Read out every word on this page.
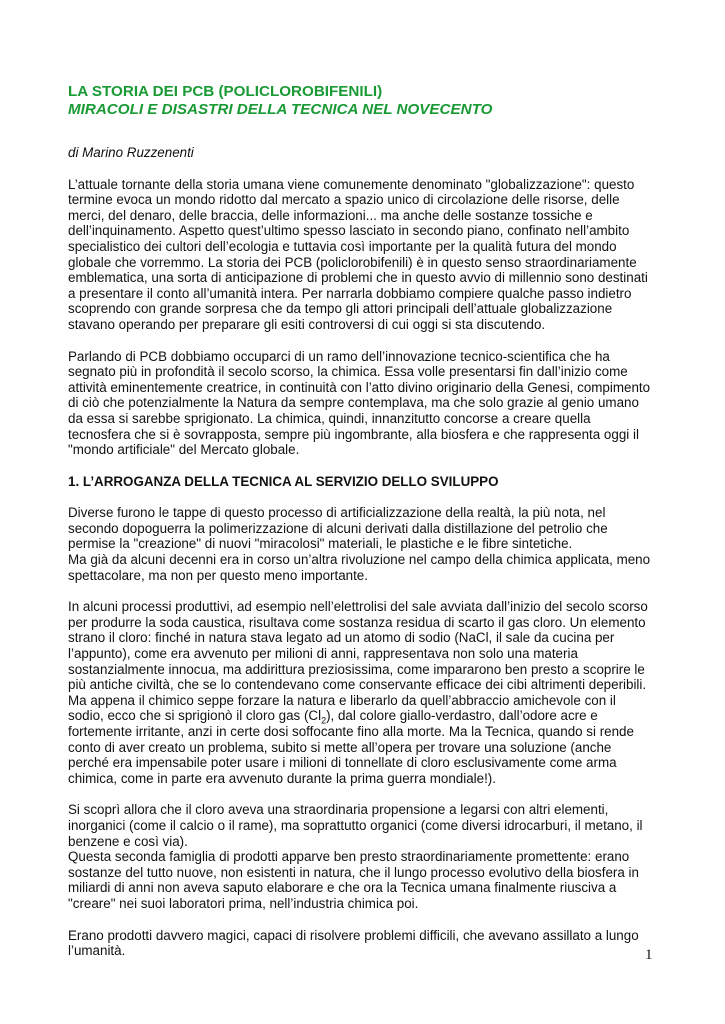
LA STORIA DEI PCB (POLICLOROBIFENILI)

MIRACOLI E DISASTRI DELLA TECNICA NEL NOVECENTO

di Marino Ruzzenenti

L’attuale tornante della storia umana viene comunemente denominato "globalizzazione": questo
termine evoca un mondo ridotto dal mercato a spazio unico di circolazione delle risorse, delle
merci, del denaro, delle braccia, delle informazioni... ma anche delle sostanze tossiche e
dell’inquinamento. Aspetto quest’ultimo spesso lasciato in secondo piano, confinato nell’ambito
specialistico dei cultori dell’ecologia e tuttavia così importante per la qualità futura del mondo
globale che vorremmo. La storia dei PCB (policlorobifenili) è in questo senso straordinariamente
emblematica, una sorta di anticipazione di problemi che in questo avvio di millennio sono destinati
a presentare il conto all’umanità intera. Per narrarla dobbiamo compiere qualche passo indietro
scoprendo con grande sorpresa che da tempo gli attori principali dell’attuale globalizzazione
stavano operando per preparare gli esiti controversi di cui oggi si sta discutendo.
Parlando di PCB dobbiamo occuparci di un ramo dell’innovazione tecnico-scientifica che ha
segnato più in profondità il secolo scorso, la chimica. Essa volle presentarsi fin dall’inizio come
attività eminentemente creatrice, in continuità con l’atto divino originario della Genesi, compimento
di ciò che potenzialmente la Natura da sempre contemplava, ma che solo grazie al genio umano
da essa si sarebbe sprigionato. La chimica, quindi, innanzitutto concorse a creare quella
tecnosfera che si è sovrapposta, sempre più ingombrante, alla biosfera e che rappresenta oggi il
"mondo artificiale" del Mercato globale.

1. L’ARROGANZA DELLA TECNICA AL SERVIZIO DELLO SVILUPPO

Diverse furono le tappe di questo processo di artificializzazione della realtà, la più nota, nel
secondo dopoguerra la polimerizzazione di alcuni derivati dalla distillazione del petrolio che
permise la "creazione" di nuovi "miracolosi" materiali, le plastiche e le fibre sintetiche.
Ma già da alcuni decenni era in corso un’altra rivoluzione nel campo della chimica applicata, meno
spettacolare, ma non per questo meno importante.
In alcuni processi produttivi, ad esempio nell’elettrolisi del sale avviata dall’inizio del secolo scorso
per produrre la soda caustica, risultava come sostanza residua di scarto il gas cloro. Un elemento
strano il cloro: finché in natura stava legato ad un atomo di sodio (NaCl, il sale da cucina per
l’appunto), come era avvenuto per milioni di anni, rappresentava non solo una materia
sostanzialmente innocua, ma addirittura preziosissima, come impararono ben presto a scoprire le
più antiche civiltà, che se lo contendevano come conservante efficace dei cibi altrimenti deperibili.
Ma appena il chimico seppe forzare la natura e liberarlo da quell’abbraccio amichevole con il
sodio, ecco che si sprigionò il cloro gas $(Cl_2)$, dal colore giallo-verdastro, dall’odore acre e
fortemente irritante, anzi in certe dosi soffocante fino alla morte. Ma la Tecnica, quando si rende
conto di aver creato un problema, subito si mette all’opera per trovare una soluzione (anche
perché era impensabile poter usare i milioni di tonnellate di cloro esclusivamente come arma
chimica, come in parte era avvenuto durante la prima guerra mondiale!).
Si scoprì allora che il cloro aveva una straordinaria propensione a legarsi con altri elementi,
inorganici (come il calcio o il rame), ma soprattutto organici (come diversi idrocarburi, il metano, il
benzene e così via).
Questa seconda famiglia di prodotti apparve ben presto straordinariamente promettente: erano
sostanze del tutto nuove, non esistenti in natura, che il lungo processo evolutivo della biosfera in
miliardi di anni non aveva saputo elaborare e che ora la Tecnica umana finalmente riusciva a
"creare" nei suoi laboratori prima, nell’industria chimica poi.
Erano prodotti davvero magici, capaci di risolvere problemi difficili, che avevano assillato a lungo
l’umanità.	1
